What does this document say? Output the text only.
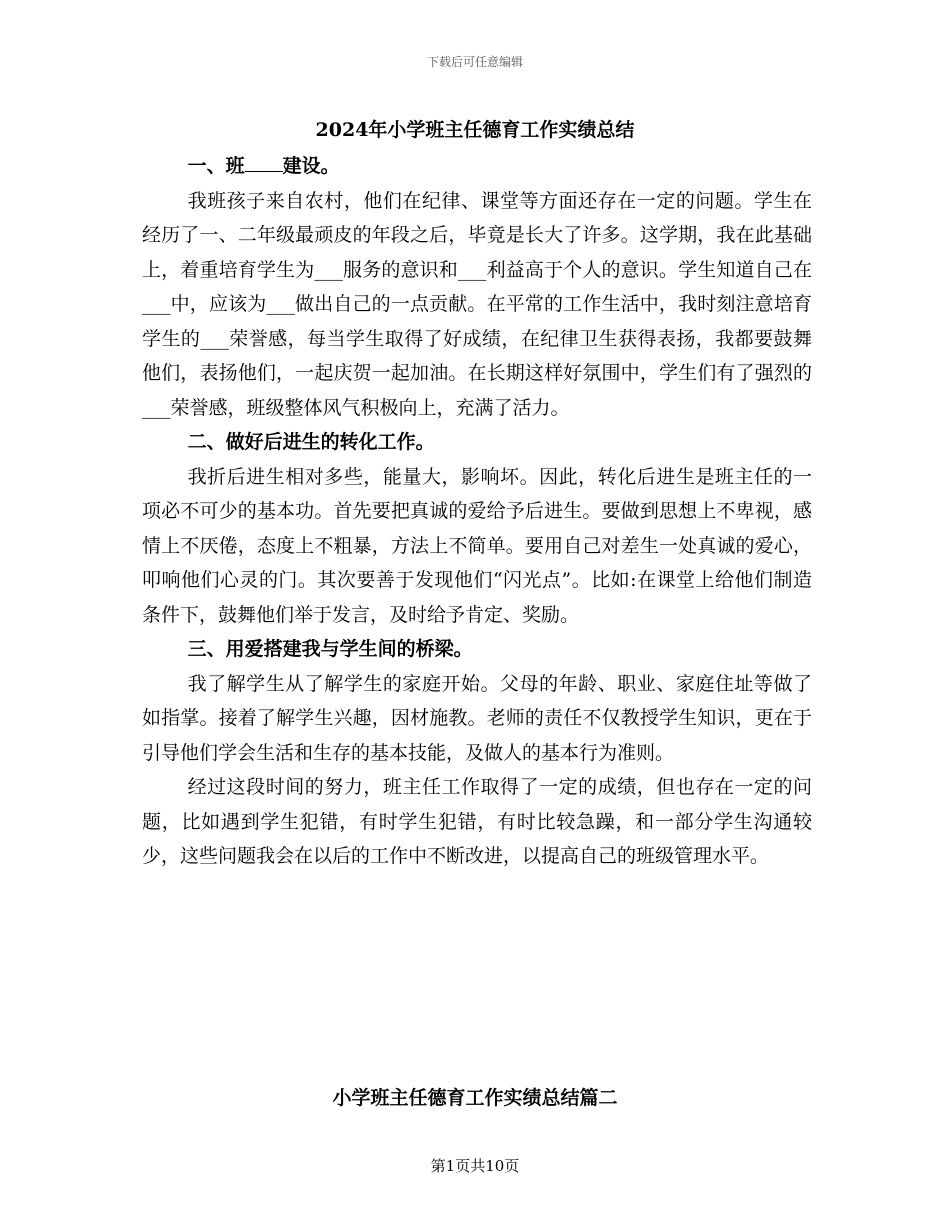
下载后可任意编辑
2024年小学班主任德育工作实绩总结

一、班 建设。

我班孩子来自农村，他们在纪律、课堂等方面还存在一定的问题。学生在经历了一、二年级最顽皮的年段之后，毕竟是长大了许多。这学期，我在此基础上，着重培育学生为___服务的意识和___利益高于个人的意识。学生知道自己在___中，应该为___做出自己的一点贡献。在平常的工作生活中，我时刻注意培育学生的___荣誉感，每当学生取得了好成绩，在纪律卫生获得表扬，我都要鼓舞他们，表扬他们，一起庆贺一起加油。在长期这样好氛围中，学生们有了强烈的___荣誉感，班级整体风气积极向上，充满了活力。

二、做好后进生的转化工作。

我折后进生相对多些，能量大，影响坏。因此，转化后进生是班主任的一项必不可少的基本功。首先要把真诚的爱给予后进生。要做到思想上不卑视，感情上不厌倦，态度上不粗暴，方法上不简单。要用自己对差生一处真诚的爱心，叩响他们心灵的门。其次要善于发现他们“闪光点”。比如:在课堂上给他们制造条件下，鼓舞他们举于发言，及时给予肯定、奖励。

三、用爱搭建我与学生间的桥梁。

我了解学生从了解学生的家庭开始。父母的年龄、职业、家庭住址等做了如指掌。接着了解学生兴趣，因材施教。老师的责任不仅教授学生知识，更在于引导他们学会生活和生存的基本技能，及做人的基本行为准则。

经过这段时间的努力，班主任工作取得了一定的成绩，但也存在一定的问题，比如遇到学生犯错，有时学生犯错，有时比较急躁，和一部分学生沟通较少，这些问题我会在以后的工作中不断改进，以提高自己的班级管理水平。

小学班主任德育工作实绩总结篇二
第1页共10页
